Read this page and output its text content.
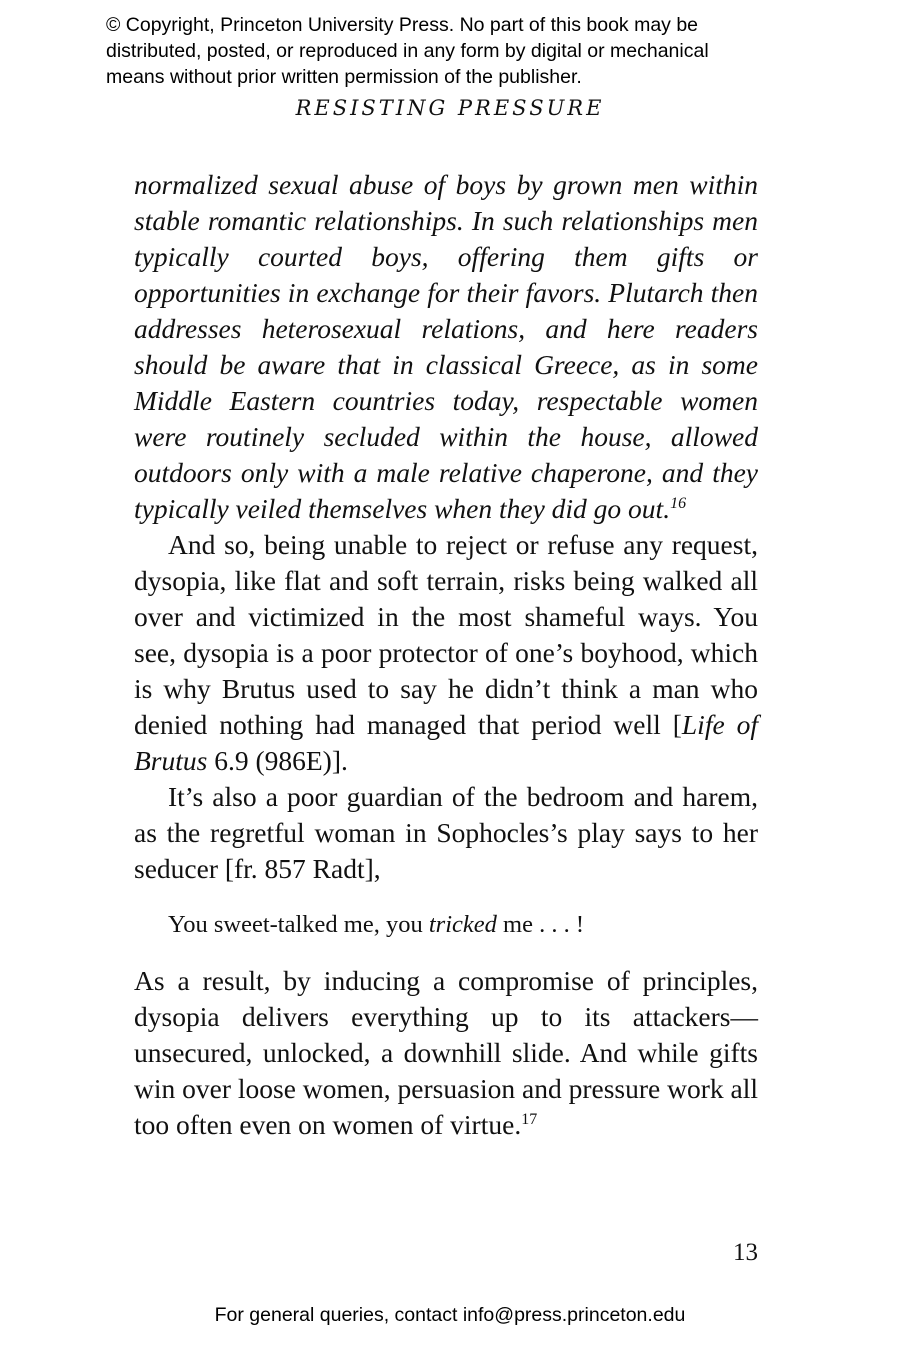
© Copyright, Princeton University Press. No part of this book may be
distributed, posted, or reproduced in any form by digital or mechanical
means without prior written permission of the publisher.
RESISTING PRESSURE

normalized sexual abuse of boys by grown men within stable romantic relationships. In such relationships men typically courted boys, offering them gifts or opportunities in exchange for their favors. Plutarch then addresses heterosexual relations, and here readers should be aware that in classical Greece, as in some Middle Eastern countries today, respectable women were routinely secluded within the house, allowed outdoors only with a male relative chaperone, and they typically veiled themselves when they did go out.$^{16}$

And so, being unable to reject or refuse any request, dysopia, like flat and soft terrain, risks being walked all over and victimized in the most shameful ways. You see, dysopia is a poor protector of one’s boyhood, which is why Brutus used to say he didn’t think a man who denied nothing had managed that period well [Life of Brutus 6.9 (986E)].

It’s also a poor guardian of the bedroom and harem, as the regretful woman in Sophocles’s play says to her seducer [fr. 857 Radt],

You sweet-talked me, you tricked me . . . !

As a result, by inducing a compromise of principles, dysopia delivers everything up to its attackers— unsecured, unlocked, a downhill slide. And while gifts win over loose women, persuasion and pressure work all too often even on women of virtue.$^{17}$

13
For general queries, contact info@press.princeton.edu
